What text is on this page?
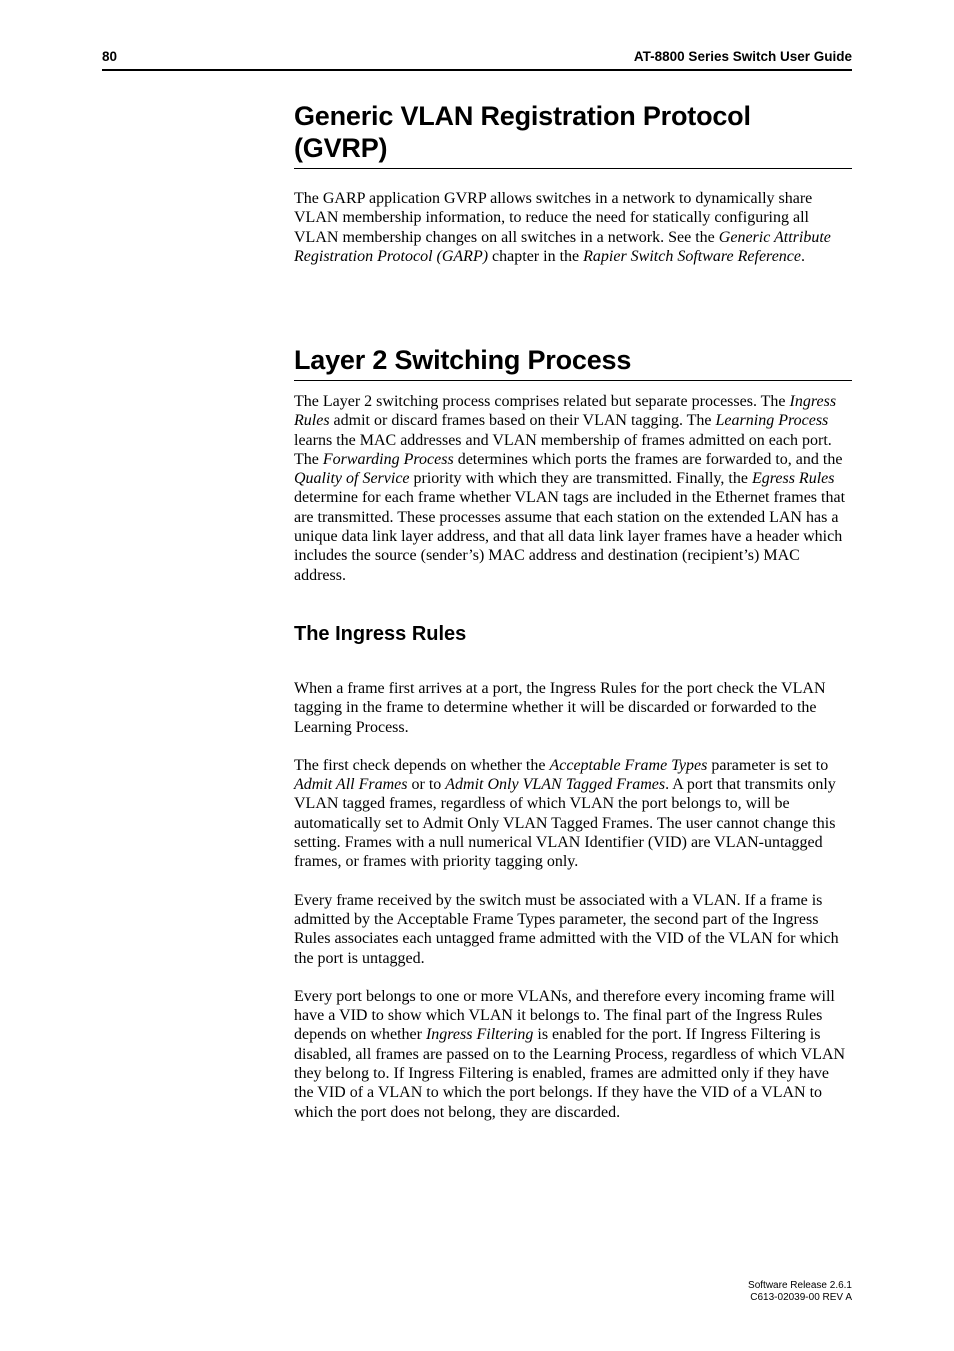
80	AT-8800 Series Switch User Guide
Generic VLAN Registration Protocol
(GVRP)

The GARP application GVRP allows switches in a network to dynamically share VLAN membership information, to reduce the need for statically configuring all VLAN membership changes on all switches in a network. See the Generic Attribute Registration Protocol (GARP) chapter in the Rapier Switch Software Reference.

Layer 2 Switching Process

The Layer 2 switching process comprises related but separate processes. The Ingress Rules admit or discard frames based on their VLAN tagging. The Learning Process learns the MAC addresses and VLAN membership of frames admitted on each port. The Forwarding Process determines which ports the frames are forwarded to, and the Quality of Service priority with which they are transmitted. Finally, the Egress Rules determine for each frame whether VLAN tags are included in the Ethernet frames that are transmitted. These processes assume that each station on the extended LAN has a unique data link layer address, and that all data link layer frames have a header which includes the source (sender’s) MAC address and destination (recipient’s) MAC address.

The Ingress Rules

When a frame first arrives at a port, the Ingress Rules for the port check the VLAN tagging in the frame to determine whether it will be discarded or forwarded to the Learning Process.

The first check depends on whether the Acceptable Frame Types parameter is set to Admit All Frames or to Admit Only VLAN Tagged Frames. A port that transmits only VLAN tagged frames, regardless of which VLAN the port belongs to, will be automatically set to Admit Only VLAN Tagged Frames. The user cannot change this setting. Frames with a null numerical VLAN Identifier (VID) are VLAN-untagged frames, or frames with priority tagging only.

Every frame received by the switch must be associated with a VLAN. If a frame is admitted by the Acceptable Frame Types parameter, the second part of the Ingress Rules associates each untagged frame admitted with the VID of the VLAN for which the port is untagged.

Every port belongs to one or more VLANs, and therefore every incoming frame will have a VID to show which VLAN it belongs to. The final part of the Ingress Rules depends on whether Ingress Filtering is enabled for the port. If Ingress Filtering is disabled, all frames are passed on to the Learning Process, regardless of which VLAN they belong to. If Ingress Filtering is enabled, frames are admitted only if they have the VID of a VLAN to which the port belongs. If they have the VID of a VLAN to which the port does not belong, they are discarded.

Software Release 2.6.1
C613-02039-00 REV A
